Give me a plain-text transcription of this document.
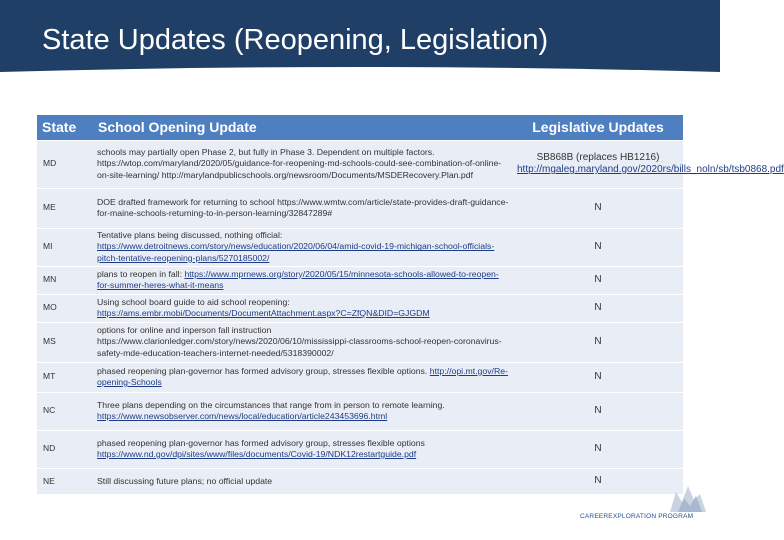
State Updates (Reopening, Legislation)
State	School Opening Update	Legislative Updates
MD	schools may partially open Phase 2, but fully in Phase 3. Dependent on multiple factors. https://wtop.com/maryland/2020/05/guidance-for-reopening-md-schools-could-see-combination-of-online-on-site-learning/ http://marylandpublicschools.org/newsroom/Documents/MSDERecovery.Plan.pdf	SB868B (replaces HB1216)
http://mgaleg.maryland.gov/2020rs/bills_noln/sb/tsb0868.pdf
ME	DOE drafted framework for returning to school https://www.wmtw.com/article/state-provides-draft-guidance-for-maine-schools-returning-to-in-person-learning/32847289#	N
MI	Tentative plans being discussed, nothing official: https://www.detroitnews.com/story/news/education/2020/06/04/amid-covid-19-michigan-school-officials-pitch-tentative-reopening-plans/5270185002/	N
MN	plans to reopen in fall: https://www.mprnews.org/story/2020/05/15/minnesota-schools-allowed-to-reopen-for-summer-heres-what-it-means	N
MO	Using school board guide to aid school reopening: https://ams.embr.mobi/Documents/DocumentAttachment.aspx?C=ZfQN&DID=GJGDM	N
MS	options for online and inperson fall instruction https://www.clarionledger.com/story/news/2020/06/10/mississippi-classrooms-school-reopen-coronavirus-safety-mde-education-teachers-internet-needed/5318390002/	N
MT	phased reopening plan-governor has formed advisory group, stresses flexible options. http://opi.mt.gov/Re-opening-Schools	N
NC	Three plans depending on the circumstances that range from in person to remote learning. https://www.newsobserver.com/news/local/education/article243453696.html	N
ND	phased reopening plan-governor has formed advisory group, stresses flexible options https://www.nd.gov/dpi/sites/www/files/documents/Covid-19/NDK12restartguide.pdf	N
NE	Still discussing future plans; no official update	N
CAREEREXPLORATION PROGRAM
